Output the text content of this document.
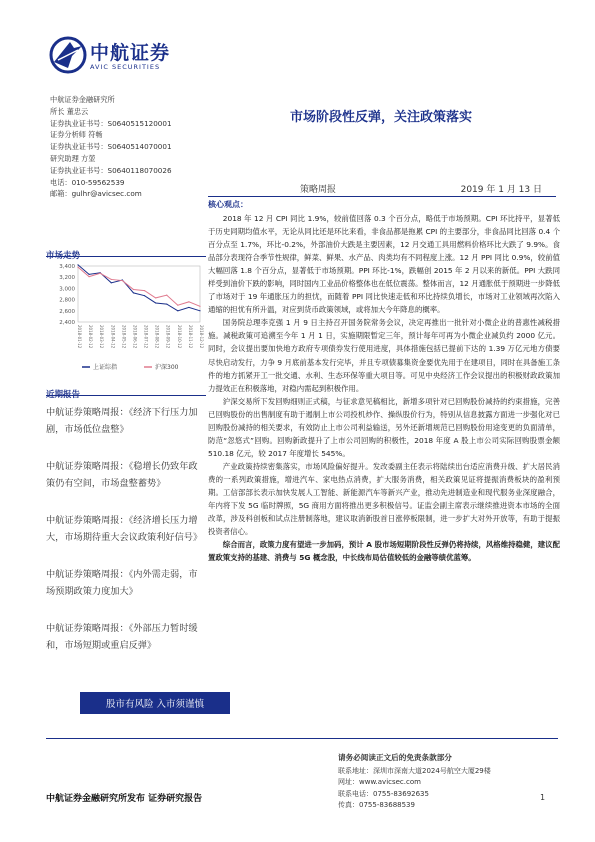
中航证券
AVIC SECURITIES
中航证券金融研究所
所长 董忠云
证券执业证书号：S0640515120001
证券分析师 符畅
证券执业证书号：S0640514070001
研究助理 方堃
证券执业证书号：S0640118070026
电话：010-59562539
邮箱：gulhr@avicsec.com
市场阶段性反弹，关注政策落实
策略周报	2019 年 1 月 13 日
市场走势
3,400
3,200
3,000
2,800
2,600
2,400
2018-01-12 2018-02-12 2018-03-12 2018-04-12 2018-05-12 2018-06-12 2018-07-12 2018-08-12 2018-09-12 2018-10-12 2018-11-12 2018-12-12
上证综指	沪深300
近期报告
中航证券策略周报：《经济下行压力加剧，市场低位盘整》
中航证券策略周报：《稳增长仍致年政策仍有空间，市场盘整蓄势》
中航证券策略周报：《经济增长压力增大，市场期待重大会议政策利好信号》
中航证券策略周报：《内外需走弱，市场预期政策力度加大》
中航证券策略周报：《外部压力暂时缓和，市场短期或重启反弹》
股市有风险 入市须谨慎
核心观点：

2018 年 12 月 CPI 同比 1.9%，较前值回落 0.3 个百分点，略低于市场预期。CPI 环比持平，显著低于历史同期均值水平，无论从同比还是环比来看，非食品都是拖累 CPI 的主要部分，非食品同比回落 0.4 个百分点至 1.7%，环比-0.2%，外部油价大跌是主要因素，12 月交通工具用燃料价格环比大跌了 9.9%。食品部分表现符合季节性规律，鲜菜、鲜果、水产品、肉类均有不同程度上涨。12 月 PPI 同比 0.9%，较前值大幅回落 1.8 个百分点，显著低于市场预期。PPI 环比-1%，跌幅创 2015 年 2 月以来的新低。PPI 大跌同样受到油价下跌的影响，同时国内工业品价格整体也在低位震荡。整体而言，12 月通胀低于预期进一步降低了市场对于 19 年通胀压力的担忧，而随着 PPI 同比快速走低和环比持续负增长，市场对工业领域再次陷入通缩的担忧有所升温，对应到货币政策领域，或将加大今年降息的概率。

国务院总理李克强 1 月 9 日主持召开国务院常务会议，决定再推出一批针对小微企业的普惠性减税措施。减税政策可追溯至今年 1 月 1 日，实施期限暂定三年，预计每年可再为小微企业减负约 2000 亿元。同时，会议提出要加快地方政府专项债券发行使用进度，具体措施包括已提前下达的 1.39 万亿元地方债要尽快启动发行，力争 9 月底前基本发行完毕，并且专项债募集资金要优先用于在建项目，同时在具备施工条件的地方抓紧开工一批交通、水利、生态环保等重大项目等。可见中央经济工作会议提出的积极财政政策加力提效正在积极落地，对稳内需起到积极作用。

沪深交易所下发回购细则正式稿，与征求意见稿相比，新增多项针对已回购股份减持的约束措施，完善已回购股份的出售制度有助于遏制上市公司投机炒作、操纵股价行为，特别从信息披露方面进一步强化对已回购股份减持的相关要求，有效防止上市公司利益输送，另外还新增规范已回购股份用途变更的负面清单，防范“忽悠式”回购。回购新政提升了上市公司回购的积极性，2018 年度 A 股上市公司实际回购股票金额 510.18 亿元，较 2017 年度增长 545%。

产业政策持续密集落实，市场风险偏好提升。发改委副主任表示将陆续出台适应消费升级、扩大居民消费的一系列政策措施，增进汽车、家电热点消费，扩大服务消费，相关政策见证将提振消费板块的盈利预期。工信部部长表示加快发展人工智能、新能源汽车等新兴产业，推动先进制造业和现代服务业深度融合，年内将下发 5G 临时牌照，5G 商用方面将推出更多积极信号。证监会副主席表示继续推进资本市场的全面改革，涉及科创板和试点注册制落地，建议取消新股首日涨停板限制，进一步扩大对外开放等，有助于提振投资者信心。

综合而言，政策力度有望进一步加码，预计 A 股市场短期阶段性反弹仍将持续，风格维持稳健，建议配置政策支持的基建、消费与 5G 概念股，中长线布局估值较低的金融等绩优蓝筹。

请务必阅读正文后的免责条款部分
联系地址：深圳市深南大道2024号航空大厦29楼
网址：www.avicsec.com
联系电话：0755-83692635
传真：0755-83688539
中航证券金融研究所发布 证券研究报告	1
